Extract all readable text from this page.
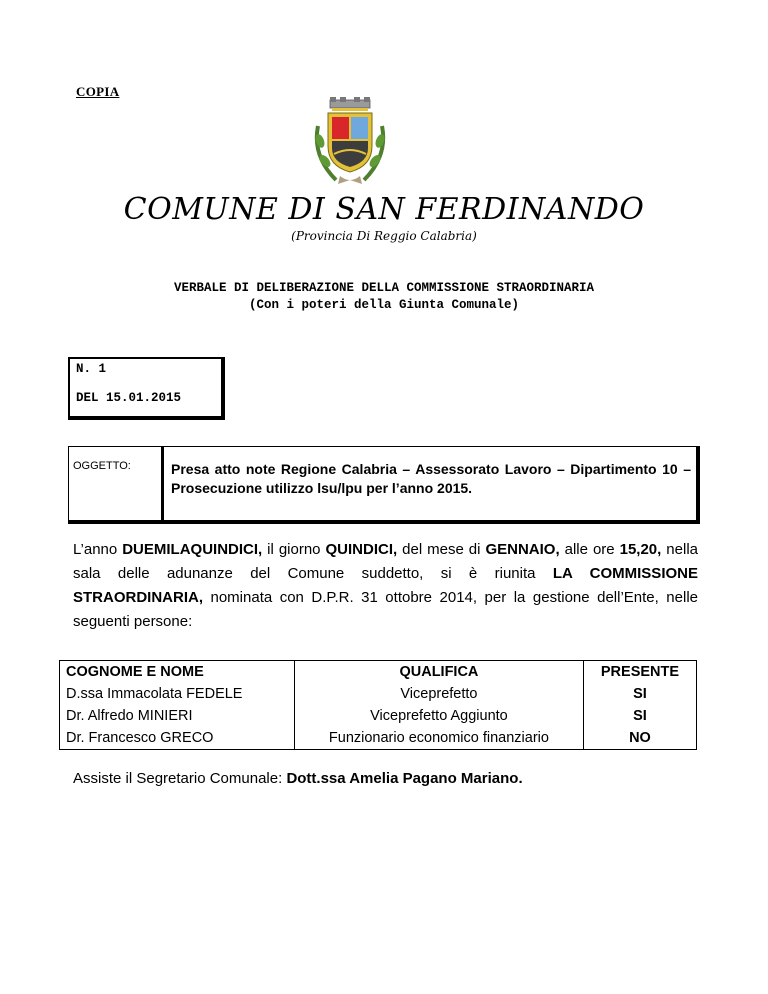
COPIA
COMUNE DI SAN FERDINANDO
(Provincia Di Reggio Calabria)
VERBALE DI DELIBERAZIONE DELLA COMMISSIONE STRAORDINARIA
(Con i poteri della Giunta Comunale)
N. 1
DEL 15.01.2015
OGGETTO:	Presa atto note Regione Calabria – Assessorato Lavoro – Dipartimento 10 – Prosecuzione utilizzo lsu/lpu per l’anno 2015.
L’anno DUEMILAQUINDICI, il giorno QUINDICI, del mese di GENNAIO, alle ore 15,20, nella sala delle adunanze del Comune suddetto, si è riunita LA COMMISSIONE STRAORDINARIA, nominata con D.P.R. 31 ottobre 2014, per la gestione dell’Ente, nelle seguenti persone:
COGNOME E NOME	QUALIFICA	PRESENTE
D.ssa Immacolata FEDELE	Viceprefetto	SI
Dr. Alfredo MINIERI	Viceprefetto Aggiunto	SI
Dr. Francesco GRECO	Funzionario economico finanziario	NO
Assiste il Segretario Comunale: Dott.ssa Amelia Pagano Mariano.
